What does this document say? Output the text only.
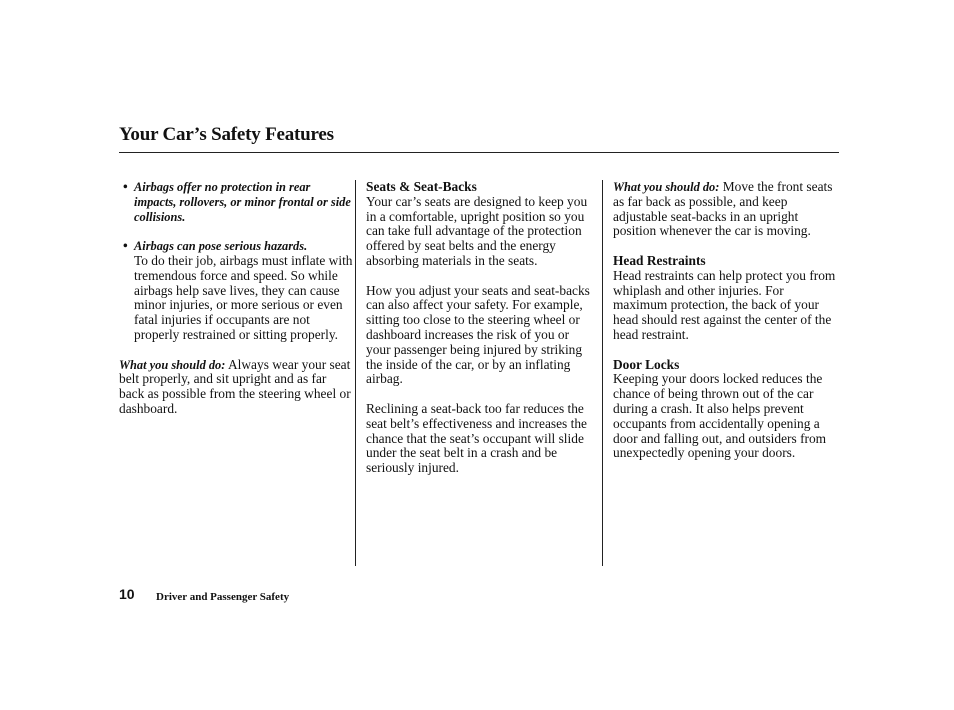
Your Car’s Safety Features
• Airbags offer no protection in rear impacts, rollovers, or minor frontal or side collisions.
• Airbags can pose serious hazards.
To do their job, airbags must inflate with tremendous force and speed. So while airbags help save lives, they can cause minor injuries, or more serious or even fatal injuries if occupants are not properly restrained or sitting properly.

What you should do: Always wear your seat belt properly, and sit upright and as far back as possible from the steering wheel or dashboard.

Seats & Seat-Backs
Your car’s seats are designed to keep you in a comfortable, upright position so you can take full advantage of the protection offered by seat belts and the energy absorbing materials in the seats.

How you adjust your seats and seat-backs can also affect your safety. For example, sitting too close to the steering wheel or dashboard increases the risk of you or your passenger being injured by striking the inside of the car, or by an inflating airbag.

Reclining a seat-back too far reduces the seat belt’s effectiveness and increases the chance that the seat’s occupant will slide under the seat belt in a crash and be seriously injured.

What you should do: Move the front seats as far back as possible, and keep adjustable seat-backs in an upright position whenever the car is moving.

Head Restraints
Head restraints can help protect you from whiplash and other injuries. For maximum protection, the back of your head should rest against the center of the head restraint.

Door Locks
Keeping your doors locked reduces the chance of being thrown out of the car during a crash. It also helps prevent occupants from accidentally opening a door and falling out, and outsiders from unexpectedly opening your doors.

10 Driver and Passenger Safety
